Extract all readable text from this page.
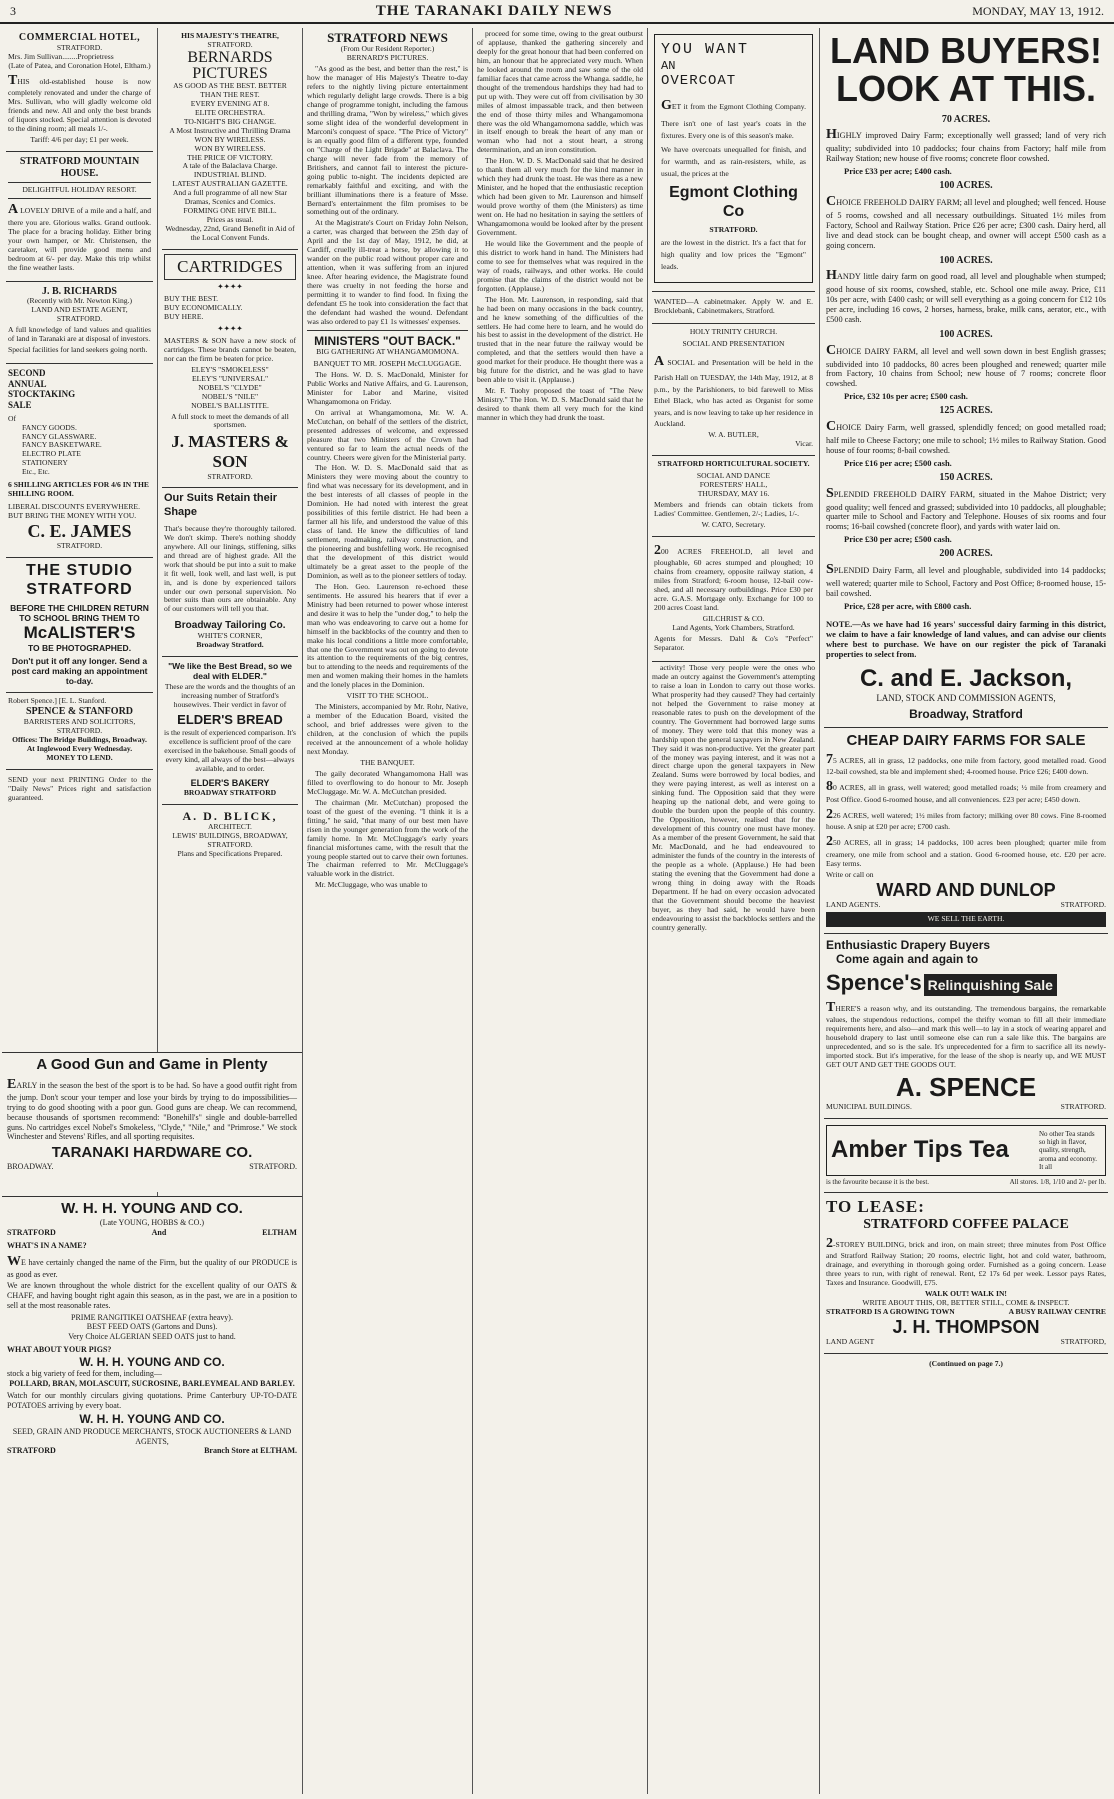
3	THE TARANAKI DAILY NEWS	MONDAY, MAY 13, 1912.
COMMERCIAL HOTEL,
STRATFORD.
Mrs. Jim Sullivan........Proprietress
(Late of Patea, and Coronation Hotel, Eltham.)

THIS old-established house is now completely renovated and under the charge of Mrs. Sullivan, who will gladly welcome old friends and new. All and only the best brands of liquors stocked. Special attention is devoted to the dining room; all meals 1/-.

Tariff: 4/6 per day; £1 per week.
STRATFORD MOUNTAIN HOUSE.
DELIGHTFUL HOLIDAY RESORT.

A LOVELY DRIVE of a mile and a half, and there you are. Glorious walks. Grand outlook. The place for a bracing holiday. Either bring your own hamper, or Mr. Christensen, the caretaker, will provide good menu and bedroom at 6/- per day. Make this trip whilst the fine weather lasts.

J. B. RICHARDS
(Recently with Mr. Newton King.)
LAND AND ESTATE AGENT,
STRATFORD.

A full knowledge of land values and qualities of land in Taranaki are at disposal of investors.

Special facilities for land seekers going north.

SECOND
ANNUAL
STOCKTAKING
SALE
Of
FANCY GOODS.
FANCY GLASSWARE.
FANCY BASKETWARE.
ELECTRO PLATE
STATIONERY
Etc., Etc.
6 SHILLING ARTICLES FOR 4/6 IN THE SHILLING ROOM.
LIBERAL DISCOUNTS EVERYWHERE. BUT BRING THE MONEY WITH YOU.
C. E. JAMES
STRATFORD.
THE STUDIO
STRATFORD
BEFORE THE CHILDREN RETURN TO SCHOOL BRING THEM TO
McALISTER'S
TO BE PHOTOGRAPHED.
Don't put it off any longer. Send a post card making an appointment to-day.
Robert Spence.] [E. L. Stanford.
SPENCE & STANFORD
BARRISTERS AND SOLICITORS, STRATFORD.
Offices: The Bridge Buildings, Broadway.
At Inglewood Every Wednesday.
MONEY TO LEND.

SEND your next PRINTING Order to the "Daily News" Prices right and satisfaction guaranteed.

HIS MAJESTY'S THEATRE,
STRATFORD.
BERNARDS PICTURES
AS GOOD AS THE BEST. BETTER THAN THE REST.
EVERY EVENING AT 8.
ELITE ORCHESTRA.
TO-NIGHT'S BIG CHANGE.
A Most Instructive and Thrilling Drama
WON BY WIRELESS.
WON BY WIRELESS.
THE PRICE OF VICTORY.
A tale of the Balaclava Charge.
INDUSTRIAL BLIND.
LATEST AUSTRALIAN GAZETTE.
And a full programme of all new Star Dramas, Scenics and Comics.
FORMING ONE HIVE BILL.
Prices as usual.
Wednesday, 22nd, Grand Benefit in Aid of the Local Convent Funds.
CARTRIDGES
✦✦✦✦
BUY THE BEST.
BUY ECONOMICALLY.
BUY HERE.
✦✦✦✦

MASTERS & SON have a new stock of cartridges. These brands cannot be beaten, nor can the firm be beaten for price.

ELEY'S "SMOKELESS"
ELEY'S "UNIVERSAL"
NOBEL'S "CLYDE"
NOBEL'S "NILE"
NOBEL'S BALLISTITE.

A full stock to meet the demands of all sportsmen.

J. MASTERS & SON
STRATFORD.
Our Suits Retain their Shape

That's because they're thoroughly tailored. We don't skimp. There's nothing shoddy anywhere. All our linings, stiffening, silks and thread are of highest grade. All the work that should be put into a suit to make it fit well, look well, and last well, is put in, and is done by experienced tailors under our own personal supervision. No better suits than ours are obtainable. Any of our customers will tell you that.

Broadway Tailoring Co.
WHITE'S CORNER,
Broadway Stratford.
"We like the Best Bread, so we deal with ELDER."

These are the words and the thoughts of an increasing number of Stratford's housewives. Their verdict in favor of

ELDER'S BREAD

is the result of experienced comparison. It's excellence is sufficient proof of the care exercised in the bakehouse. Small goods of every kind, all always of the best—always available, and to order.

ELDER'S BAKERY
BROADWAY STRATFORD
A. D. BLICK,
ARCHITECT.
LEWIS' BUILDINGS, BROADWAY, STRATFORD.
Plans and Specifications Prepared.
STRATFORD NEWS
(From Our Resident Reporter.)
BERNARD'S PICTURES.

"As good as the best, and better than the rest," is how the manager of His Majesty's Theatre to-day refers to the nightly living picture entertainment which regularly delight large crowds. There is a big change of programme tonight, including the famous and thrilling drama, "Won by wireless," which gives some slight idea of the wonderful development in Marconi's conquest of space. "The Price of Victory" is an equally good film of a different type, founded on "Charge of the Light Brigade" at Balaclava. The charge will never fade from the memory of Britishers, and cannot fail to interest the picture-going public to-night. The incidents depicted are remarkably faithful and exciting, and with the brilliant illuminations there is a feature of Msse. Bernard's entertainment the film promises to be something out of the ordinary.

At the Magistrate's Court on Friday John Nelson, a carter, was charged that between the 25th day of April and the 1st day of May, 1912, he did, at Cardiff, cruelly ill-treat a horse, by allowing it to wander on the public road without proper care and attention, when it was suffering from an injured knee. After hearing evidence, the Magistrate found there was cruelty in not feeding the horse and permitting it to wander to find food. In fixing the defendant £5 he took into consideration the fact that the defendant had washed the wound. Defendant was also ordered to pay £1 1s witnesses' expenses.

MINISTERS "OUT BACK."
BIG GATHERING AT WHANGAMOMONA.
BANQUET TO MR. JOSEPH McCLUGGAGE.

The Hons. W. D. S. MacDonald, Minister for Public Works and Native Affairs, and G. Laurenson, Minister for Labor and Marine, visited Whangamomona on Friday.

On arrival at Whangamomona, Mr. W. A. McCutchan, on behalf of the settlers of the district, presented addresses of welcome, and expressed pleasure that two Ministers of the Crown had ventured so far to learn the actual needs of the country. Cheers were given for the Ministerial party.

The Hon. W. D. S. MacDonald said that as Ministers they were moving about the country to find what was necessary for its development, and in the best interests of all classes of people in the Dominion. He had noted with interest the great possibilities of this fertile district. He had been a farmer all his life, and understood the value of this class of land. He knew the difficulties of land settlement, roadmaking, railway construction, and the pioneering and bushfelling work. He recognised that the development of this district would ultimately be a great asset to the people of the Dominion, as well as to the pioneer settlers of today.

The Hon. Geo. Laurenson re-echoed these sentiments. He assured his hearers that if ever a Ministry had been returned to power whose interest and desire it was to help the "under dog," to help the man who was endeavoring to carve out a home for himself in the backblocks of the country and then to make his local conditions a little more comfortable, that one the Government was out on going to devote its attention to the requirements of the big centres, but to attending to the needs and requirements of the men and women making their homes in the hamlets and the lonely places in the Dominion.

VISIT TO THE SCHOOL.

The Ministers, accompanied by Mr. Rohr, Native, a member of the Education Board, visited the school, and brief addresses were given to the children, at the conclusion of which the pupils received at the announcement of a whole holiday next Monday.

THE BANQUET.

The gaily decorated Whangamomona Hall was filled to overflowing to do honour to Mr. Joseph McCluggage. Mr. W. A. McCutchan presided.

The chairman (Mr. McCutchan) proposed the toast of the guest of the evening. "I think it is a fitting," he said, "that many of our best men have risen in the younger generation from the work of the family home. In Mr. McCluggage's early years financial misfortunes came, with the result that the young people started out to carve their own fortunes. The chairman referred to Mr. McCluggage's valuable work in the district.

Mr. McCluggage, who was unable to

proceed for some time, owing to the great outburst of applause, thanked the gathering sincerely and deeply for the great honour that had been conferred on him, an honour that he appreciated very much. When he looked around the room and saw some of the old familiar faces that came across the Whanga. saddle, he thought of the tremendous hardships they had had to put up with. They were cut off from civilisation by 30 miles of almost impassable track, and then between the end of those thirty miles and Whangamomona there was the old Whangamomona saddle, which was in itself enough to break the heart of any man or woman who had not a stout heart, a strong determination, and an iron constitution.

The Hon. W. D. S. MacDonald said that he desired to thank them all very much for the kind manner in which they had drunk the toast. He was there as a new Minister, and he hoped that the enthusiastic reception which had been given to Mr. Laurenson and himself would prove worthy of them (the Ministers) as time went on. He had no hesitation in saying the settlers of Whangamomona would be looked after by the present Government.

He would like the Government and the people of this district to work hand in hand. The Ministers had come to see for themselves what was required in the way of roads, railways, and other works. He could promise that the claims of the district would not be forgotten. (Applause.)

The Hon. Mr. Laurenson, in responding, said that he had been on many occasions in the back country, and he knew something of the difficulties of the settlers. He had come here to learn, and he would do his best to assist in the development of the district. He trusted that in the near future the railway would be completed, and that the settlers would then have a good market for their produce. He thought there was a big future for the district, and he was glad to have been able to visit it. (Applause.)

Mr. F. Tuohy proposed the toast of "The New Ministry." The Hon. W. D. S. MacDonald said that he desired to thank them all very much for the kind manner in which they had drunk the toast.

YOU WANT
AN
OVERCOAT

GET it from the Egmont Clothing Company. There isn't one of last year's coats in the fixtures. Every one is of this season's make.

We have overcoats unequalled for finish, and for warmth, and as rain-resisters, while, as usual, the prices at the

Egmont Clothing Co
STRATFORD.

are the lowest in the district. It's a fact that for high quality and low prices the "Egmont" leads.

WANTED—A cabinetmaker. Apply W. and E. Brocklebank, Cabinetmakers, Stratford.

HOLY TRINITY CHURCH.
SOCIAL AND PRESENTATION

A SOCIAL and Presentation will be held in the Parish Hall on TUESDAY, the 14th May, 1912, at 8 p.m., by the Parishioners, to bid farewell to Miss Ethel Black, who has acted as Organist for some years, and is now leaving to take up her residence in Auckland.

W. A. BUTLER,
Vicar.
STRATFORD HORTICULTURAL SOCIETY.
SOCIAL AND DANCE
FORESTERS' HALL,
THURSDAY, MAY 16.

Members and friends can obtain tickets from Ladies' Committee. Gentlemen, 2/-; Ladies, 1/-.

W. CATO, Secretary.

200 ACRES FREEHOLD, all level and ploughable, 60 acres stumped and ploughed; 10 chains from creamery, opposite railway station, 4 miles from Stratford; 6-room house, 12-bail cow-shed, and all necessary outbuildings. Price £30 per acre. G.A.S. Mortgage only. Exchange for 100 to 200 acres Coast land.

GILCHRIST & CO.
Land Agents, York Chambers, Stratford.

Agents for Messrs. Dahl & Co's "Perfect" Separator.

activity! Those very people were the ones who made an outcry against the Government's attempting to raise a loan in London to carry out those works. What prosperity had they caused? They had certainly not helped the Government to raise money at reasonable rates to push on the development of the country. The Government had borrowed large sums of money. They were told that this money was a hardship upon the general taxpayers in New Zealand. They said it was non-productive. Yet the greater part of the money was paying interest, and it was not a direct charge upon the general taxpayers in New Zealand. Sums were borrowed by local bodies, and they were paying interest, as well as interest on a sinking fund. The Opposition said that they were heaping up the national debt, and were going to double the burden upon the people of this country. The Opposition, however, realised that for the development of this country one must have money. As a member of the present Government, he said that Mr. MacDonald, and he had endeavoured to administer the funds of the country in the interests of the people as a whole. (Applause.) He had been stating the evening that the Government had done a wrong thing in doing away with the Roads Department. If he had on every occasion advocated that the Government should become the heaviest buyer, as they had said, he would have been endeavouring to assist the backblocks settlers and the country generally.

LAND BUYERS!
LOOK AT THIS.
70 ACRES.

HIGHLY improved Dairy Farm; exceptionally well grassed; land of very rich quality; subdivided into 10 paddocks; four chains from Factory; half mile from Railway Station; new house of five rooms; concrete floor cowshed.

Price £33 per acre; £400 cash.
100 ACRES.

CHOICE FREEHOLD DAIRY FARM; all level and ploughed; well fenced. House of 5 rooms, cowshed and all necessary outbuildings. Situated 1½ miles from Factory, School and Railway Station. Price £26 per acre; £300 cash. Dairy herd, all live and dead stock can be bought cheap, and owner will accept £500 cash as a going concern.

100 ACRES.

HANDY little dairy farm on good road, all level and ploughable when stumped; good house of six rooms, cowshed, stable, etc. School one mile away. Price, £11 10s per acre, with £400 cash; or will sell everything as a going concern for £12 10s per acre, including 16 cows, 2 horses, harness, brake, milk cans, aerator, etc., with £500 cash.

100 ACRES.

CHOICE DAIRY FARM, all level and well sown down in best English grasses; subdivided into 10 paddocks, 80 acres been ploughed and renewed; quarter mile from Factory, 10 chains from School; new house of 7 rooms; concrete floor cowshed.

Price, £32 10s per acre; £500 cash.
125 ACRES.

CHOICE Dairy Farm, well grassed, splendidly fenced; on good metalled road; half mile to Cheese Factory; one mile to school; 1½ miles to Railway Station. Good house of four rooms; 8-bail cowshed.

Price £16 per acre; £500 cash.
150 ACRES.

SPLENDID FREEHOLD DAIRY FARM, situated in the Mahoe District; very good quality; well fenced and grassed; subdivided into 10 paddocks, all ploughable; quarter mile to School and Factory and Telephone. Houses of six rooms and four rooms; 16-bail cowshed (concrete floor), and yards with water laid on.

Price £30 per acre; £500 cash.
200 ACRES.

SPLENDID Dairy Farm, all level and ploughable, subdivided into 14 paddocks; well watered; quarter mile to School, Factory and Post Office; 8-roomed house, 15-bail cowshed.

Price, £28 per acre, with £800 cash.

NOTE.—As we have had 16 years' successful dairy farming in this district, we claim to have a fair knowledge of land values, and can advise our clients where best to purchase. We have on our register the pick of Taranaki properties to select from.

C. and E. Jackson,
LAND, STOCK AND COMMISSION AGENTS,
Broadway, Stratford
CHEAP DAIRY FARMS FOR SALE

75 ACRES, all in grass, 12 paddocks, one mile from factory, good metalled road. Good 12-bail cowshed, sta ble and implement shed; 4-roomed house. Price £26; £400 down.

80 ACRES, all in grass, well watered; good metalled roads; ½ mile from creamery and Post Office. Good 6-roomed house, and all conveniences. £23 per acre; £450 down.

226 ACRES, well watered; 1½ miles from factory; milking over 80 cows. Fine 8-roomed house. A snip at £20 per acre; £700 cash.

250 ACRES, all in grass; 14 paddocks, 100 acres been ploughed; quarter mile from creamery, one mile from school and a station. Good 6-roomed house, etc. £20 per acre. Easy terms.

Write or call on
WARD AND DUNLOP
LAND AGENTS.	STRATFORD.
WE SELL THE EARTH.
Enthusiastic Drapery Buyers
Come again and again to
Spence's Relinquishing Sale

THERE'S a reason why, and its outstanding. The tremendous bargains, the remarkable values, the stupendous reductions, compel the thrifty woman to fill all their immediate requirements here, and also—and mark this well—to lay in a stock of wearing apparel and household drapery to last until someone else can run a sale like this. The bargains are unprecedented, and so is the sale. It's unprecedented for a firm to sacrifice all its newly-imported stock. But it's imperative, for the lease of the shop is nearly up, and WE MUST GET OUT AND GET THE GOODS OUT.

A. SPENCE
MUNICIPAL BUILDINGS.	STRATFORD.
Amber Tips Tea
No other Tea stands so high in flavor, quality, strength, aroma and economy. It all
is the favourite because it is the best.	All stores. 1/8, 1/10 and 2/- per lb.
TO LEASE:
STRATFORD COFFEE PALACE

2-STOREY BUILDING, brick and iron, on main street; three minutes from Post Office and Stratford Railway Station; 20 rooms, electric light, hot and cold water, bathroom, drainage, and everything in thorough going order. Furnished as a going concern. Lease three years to run, with right of renewal. Rent, £2 17s 6d per week. Lessor pays Rates, Taxes and Insurance. Goodwill, £75.

WALK OUT! WALK IN!
WRITE ABOUT THIS, OR, BETTER STILL, COME & INSPECT.
STRATFORD IS A GROWING TOWN	A BUSY RAILWAY CENTRE
J. H. THOMPSON
LAND AGENT	STRATFORD,
(Continued on page 7.)
A Good Gun and Game in Plenty

EARLY in the season the best of the sport is to be had. So have a good outfit right from the jump. Don't scour your temper and lose your birds by trying to do impossibilities—trying to do good shooting with a poor gun. Good guns are cheap. We can recommend, because thousands of sportsmen recommend: "Bonehill's" single and double-barrelled guns. No cartridges excel Nobel's Smokeless, "Clyde," "Nile," and "Primrose." We stock Winchester and Stevens' Rifles, and all sporting requisites.

TARANAKI HARDWARE CO.
BROADWAY.	STRATFORD.
W. H. H. YOUNG AND CO.
(Late YOUNG, HOBBS & CO.)
STRATFORD	And	ELTHAM
WHAT'S IN A NAME?

WE have certainly changed the name of the Firm, but the quality of our PRODUCE is as good as ever.

We are known throughout the whole district for the excellent quality of our OATS & CHAFF, and having bought right again this season, as in the past, we are in a position to sell at the most reasonable rates.

PRIME RANGITIKEI OATSHEAF (extra heavy).
BEST FEED OATS (Gartons and Duns).
Very Choice ALGERIAN SEED OATS just to hand.
WHAT ABOUT YOUR PIGS?
W. H. H. YOUNG AND CO.
stock a big variety of feed for them, including—
POLLARD, BRAN, MOLASCUIT, SUCROSINE, BARLEYMEAL AND BARLEY.

Watch for our monthly circulars giving quotations. Prime Canterbury UP-TO-DATE POTATOES arriving by every boat.

W. H. H. YOUNG AND CO.
SEED, GRAIN AND PRODUCE MERCHANTS, STOCK AUCTIONEERS & LAND AGENTS,
STRATFORD	Branch Store at ELTHAM.
